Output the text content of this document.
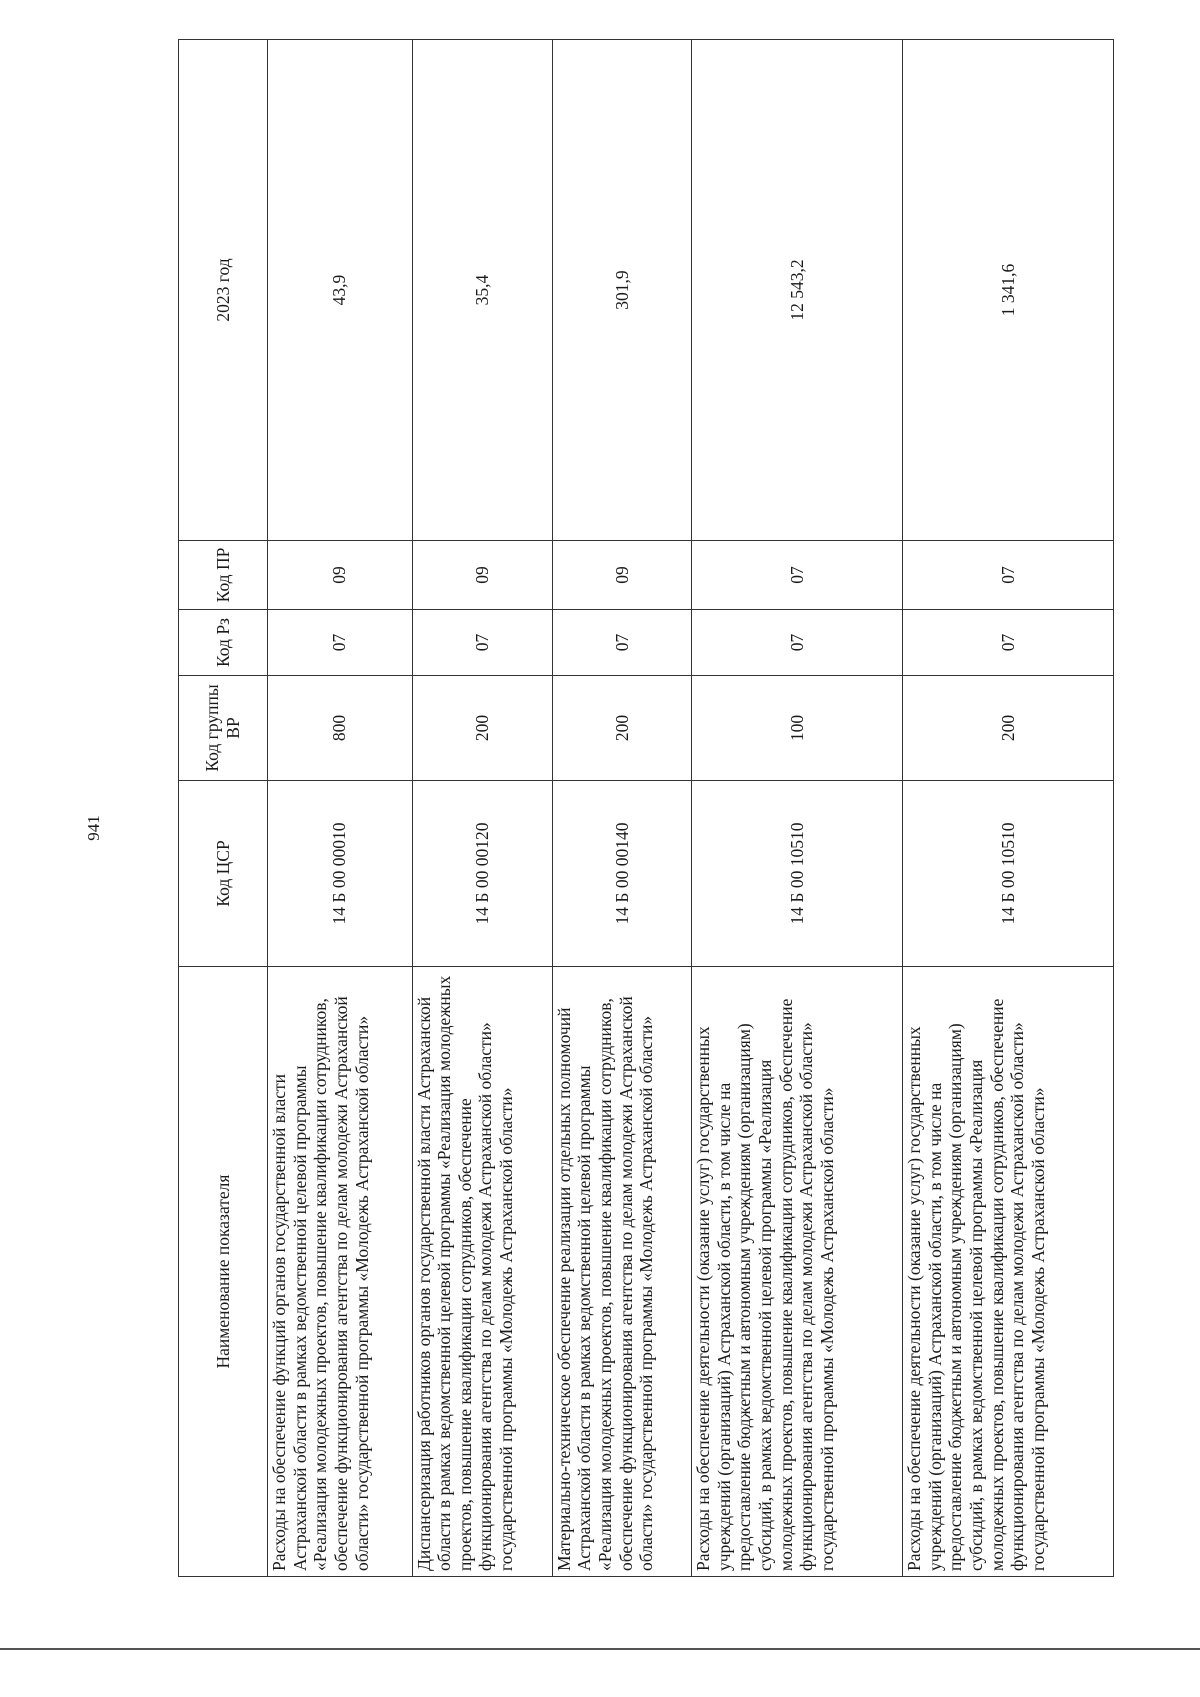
941
Наименование показателя	Код ЦСР	Код группы ВР	Код Рз	Код ПР	2023 год
Расходы на обеспечение функций органов государственной власти Астраханской области в рамках ведомственной целевой программы «Реализация молодежных проектов, повышение квалификации сотрудников, обеспечение функционирования агентства по делам молодежи Астраханской области» государственной программы «Молодежь Астраханской области»	14 Б 00 00010	800	07	09	43,9
Диспансеризация работников органов государственной власти Астраханской области в рамках ведомственной целевой программы «Реализация молодежных проектов, повышение квалификации сотрудников, обеспечение функционирования агентства по делам молодежи Астраханской области» государственной программы «Молодежь Астраханской области»	14 Б 00 00120	200	07	09	35,4
Материально-техническое обеспечение реализации отдельных полномочий Астраханской области в рамках ведомственной целевой программы «Реализация молодежных проектов, повышение квалификации сотрудников, обеспечение функционирования агентства по делам молодежи Астраханской области» государственной программы «Молодежь Астраханской области»	14 Б 00 00140	200	07	09	301,9
Расходы на обеспечение деятельности (оказание услуг) государственных учреждений (организаций) Астраханской области, в том числе на предоставление бюджетным и автономным учреждениям (организациям) субсидий, в рамках ведомственной целевой программы «Реализация молодежных проектов, повышение квалификации сотрудников, обеспечение функционирования агентства по делам молодежи Астраханской области» государственной программы «Молодежь Астраханской области»	14 Б 00 10510	100	07	07	12 543,2
Расходы на обеспечение деятельности (оказание услуг) государственных учреждений (организаций) Астраханской области, в том числе на предоставление бюджетным и автономным учреждениям (организациям) субсидий, в рамках ведомственной целевой программы «Реализация молодежных проектов, повышение квалификации сотрудников, обеспечение функционирования агентства по делам молодежи Астраханской области» государственной программы «Молодежь Астраханской области»	14 Б 00 10510	200	07	07	1 341,6
